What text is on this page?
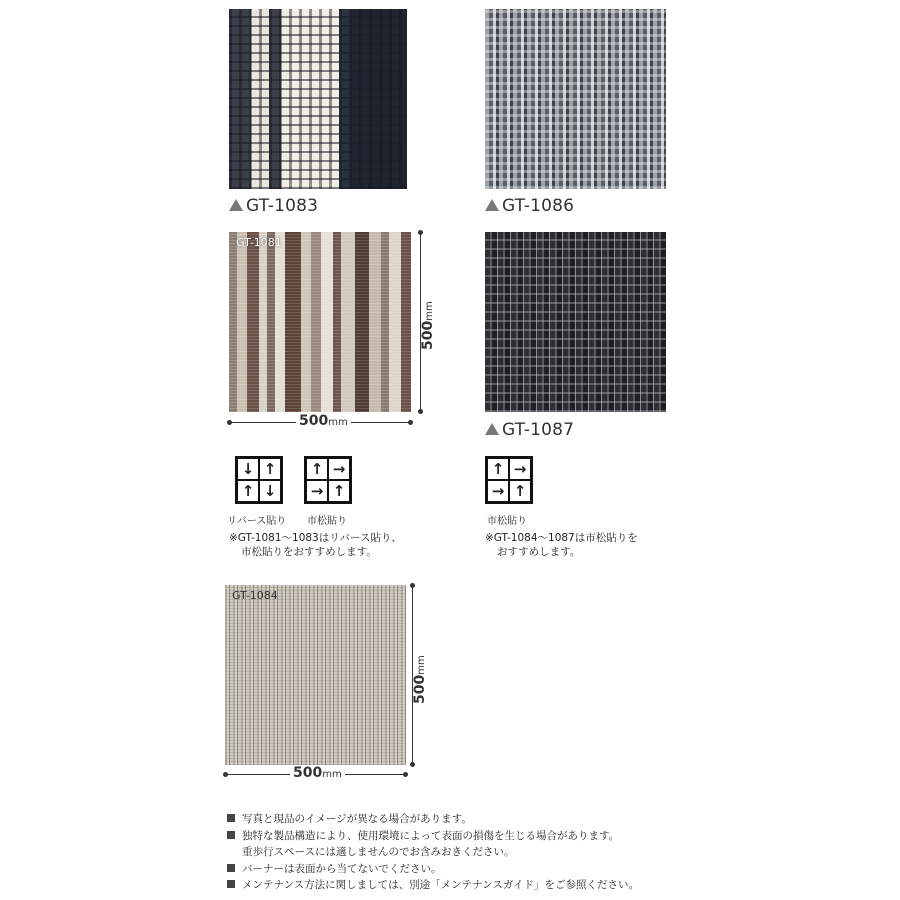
GT-1083	GT-1086
GT-1081
500mm
500mm	GT-1087
↓ ↑
↑ ↓
リバース貼り
↑ →
→ ↑
市松貼り
↑ →
→ ↑
市松貼り
※GT-1081～1083はリバース貼り、
市松貼りをおすすめします。
※GT-1084～1087は市松貼りを
おすすめします。
GT-1084
500mm
500mm
写真と現品のイメージが異なる場合があります。
独特な製品構造により、使用環境によって表面の損傷を生じる場合があります。
重歩行スペースには適しませんのでお含みおきください。
バーナーは表面から当てないでください。
メンテナンス方法に関しましては、別途「メンテナンスガイド」をご参照ください。
